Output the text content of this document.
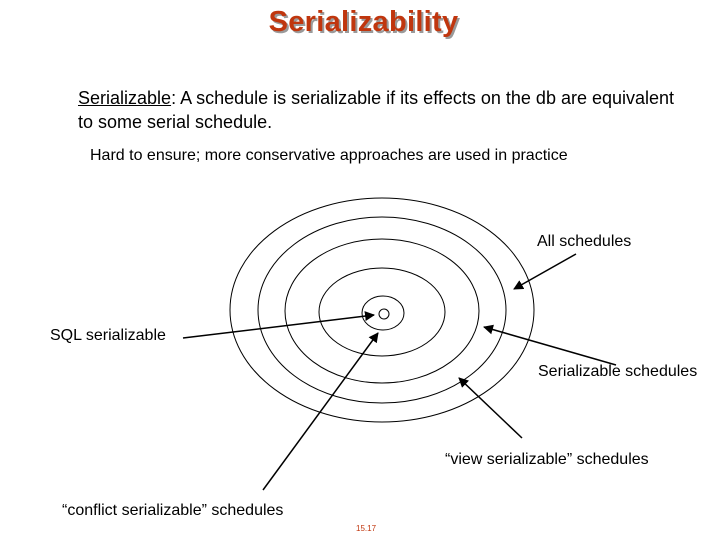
Serializability
Serializable: A schedule is serializable if its effects on the db are equivalent to some serial schedule.
Hard to ensure; more conservative approaches are used in practice
All schedules
SQL serializable
Serializable schedules
“view serializable” schedules
“conflict serializable” schedules
15.17
